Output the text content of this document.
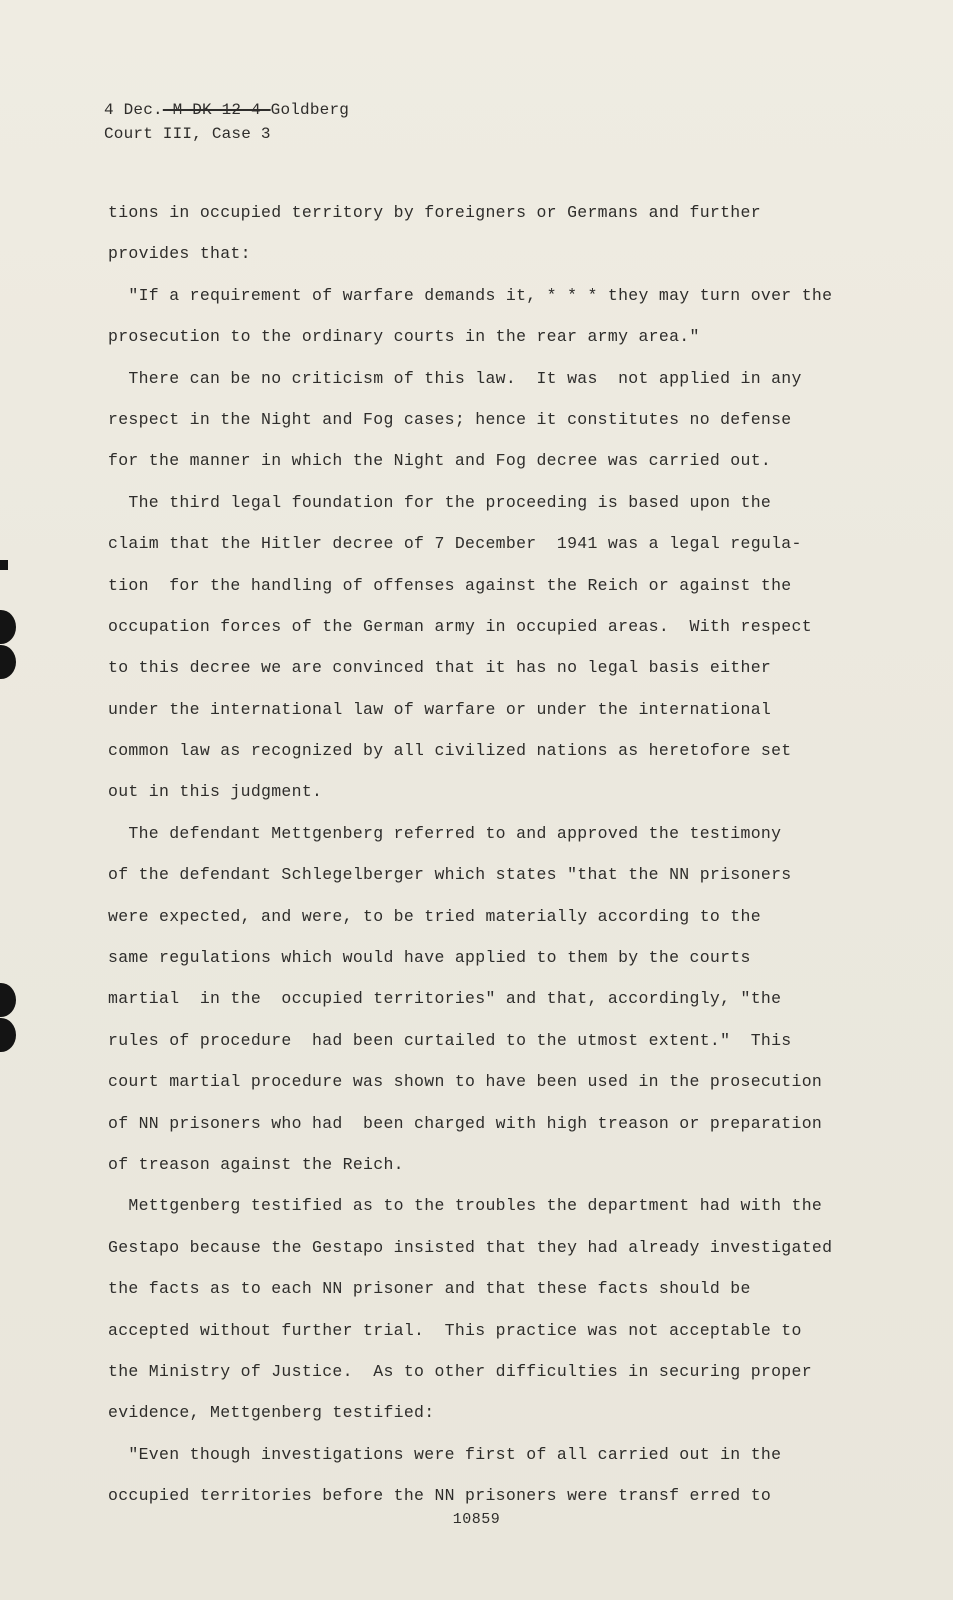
4 Dec.-M-DK-12-4-Goldberg
Court III, Case 3
tions in occupied territory by foreigners or Germans and further
provides that:
"If a requirement of warfare demands it, * * * they may turn over the
prosecution to the ordinary courts in the rear army area."
There can be no criticism of this law.  It was  not applied in any
respect in the Night and Fog cases; hence it constitutes no defense
for the manner in which the Night and Fog decree was carried out.
The third legal foundation for the proceeding is based upon the
claim that the Hitler decree of 7 December  1941 was a legal regula-
tion  for the handling of offenses against the Reich or against the
occupation forces of the German army in occupied areas.  With respect
to this decree we are convinced that it has no legal basis either
under the international law of warfare or under the international
common law as recognized by all civilized nations as heretofore set
out in this judgment.
The defendant Mettgenberg referred to and approved the testimony
of the defendant Schlegelberger which states "that the NN prisoners
were expected, and were, to be tried materially according to the
same regulations which would have applied to them by the courts
martial  in the  occupied territories" and that, accordingly, "the
rules of procedure  had been curtailed to the utmost extent."  This
court martial procedure was shown to have been used in the prosecution
of NN prisoners who had  been charged with high treason or preparation
of treason against the Reich.
Mettgenberg testified as to the troubles the department had with the
Gestapo because the Gestapo insisted that they had already investigated
the facts as to each NN prisoner and that these facts should be
accepted without further trial.  This practice was not acceptable to
the Ministry of Justice.  As to other difficulties in securing proper
evidence, Mettgenberg testified:
"Even though investigations were first of all carried out in the
occupied territories before the NN prisoners were transf erred to
10859
